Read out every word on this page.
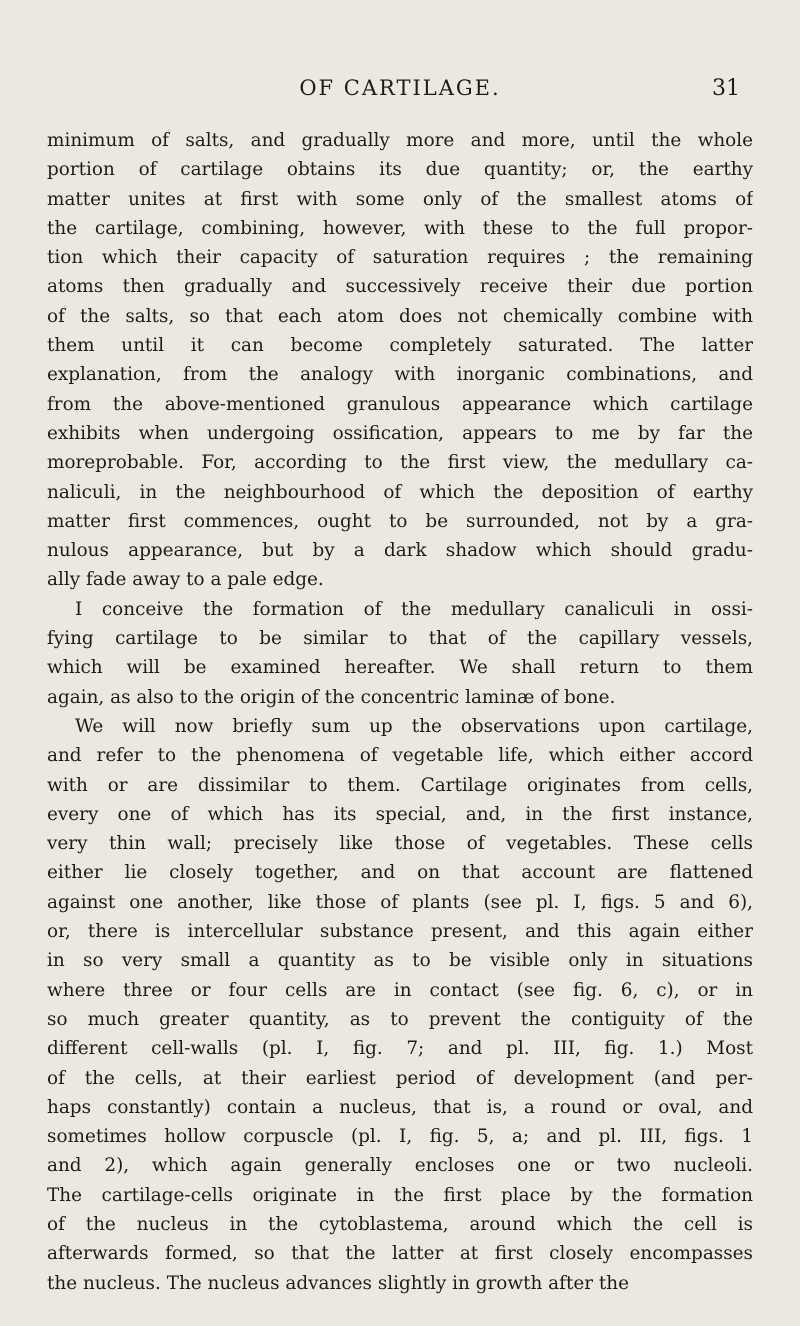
OF CARTILAGE.	31
minimum of salts, and gradually more and more, until the whole
portion of cartilage obtains its due quantity; or, the earthy
matter unites at first with some only of the smallest atoms of
the cartilage, combining, however, with these to the full propor-
tion which their capacity of saturation requires ; the remaining
atoms then gradually and successively receive their due portion
of the salts, so that each atom does not chemically combine with
them until it can become completely saturated. The latter
explanation, from the analogy with inorganic combinations, and
from the above-mentioned granulous appearance which cartilage
exhibits when undergoing ossification, appears to me by far the
moreprobable. For, according to the first view, the medullary ca-
naliculi, in the neighbourhood of which the deposition of earthy
matter first commences, ought to be surrounded, not by a gra-
nulous appearance, but by a dark shadow which should gradu-
ally fade away to a pale edge.
I conceive the formation of the medullary canaliculi in ossi-
fying cartilage to be similar to that of the capillary vessels,
which will be examined hereafter. We shall return to them
again, as also to the origin of the concentric laminæ of bone.
We will now briefly sum up the observations upon cartilage,
and refer to the phenomena of vegetable life, which either accord
with or are dissimilar to them. Cartilage originates from cells,
every one of which has its special, and, in the first instance,
very thin wall; precisely like those of vegetables. These cells
either lie closely together, and on that account are flattened
against one another, like those of plants (see pl. I, figs. 5 and 6),
or, there is intercellular substance present, and this again either
in so very small a quantity as to be visible only in situations
where three or four cells are in contact (see fig. 6, c), or in
so much greater quantity, as to prevent the contiguity of the
different cell-walls (pl. I, fig. 7; and pl. III, fig. 1.) Most
of the cells, at their earliest period of development (and per-
haps constantly) contain a nucleus, that is, a round or oval, and
sometimes hollow corpuscle (pl. I, fig. 5, a; and pl. III, figs. 1
and 2), which again generally encloses one or two nucleoli.
The cartilage-cells originate in the first place by the formation
of the nucleus in the cytoblastema, around which the cell is
afterwards formed, so that the latter at first closely encompasses
the nucleus. The nucleus advances slightly in growth after the
